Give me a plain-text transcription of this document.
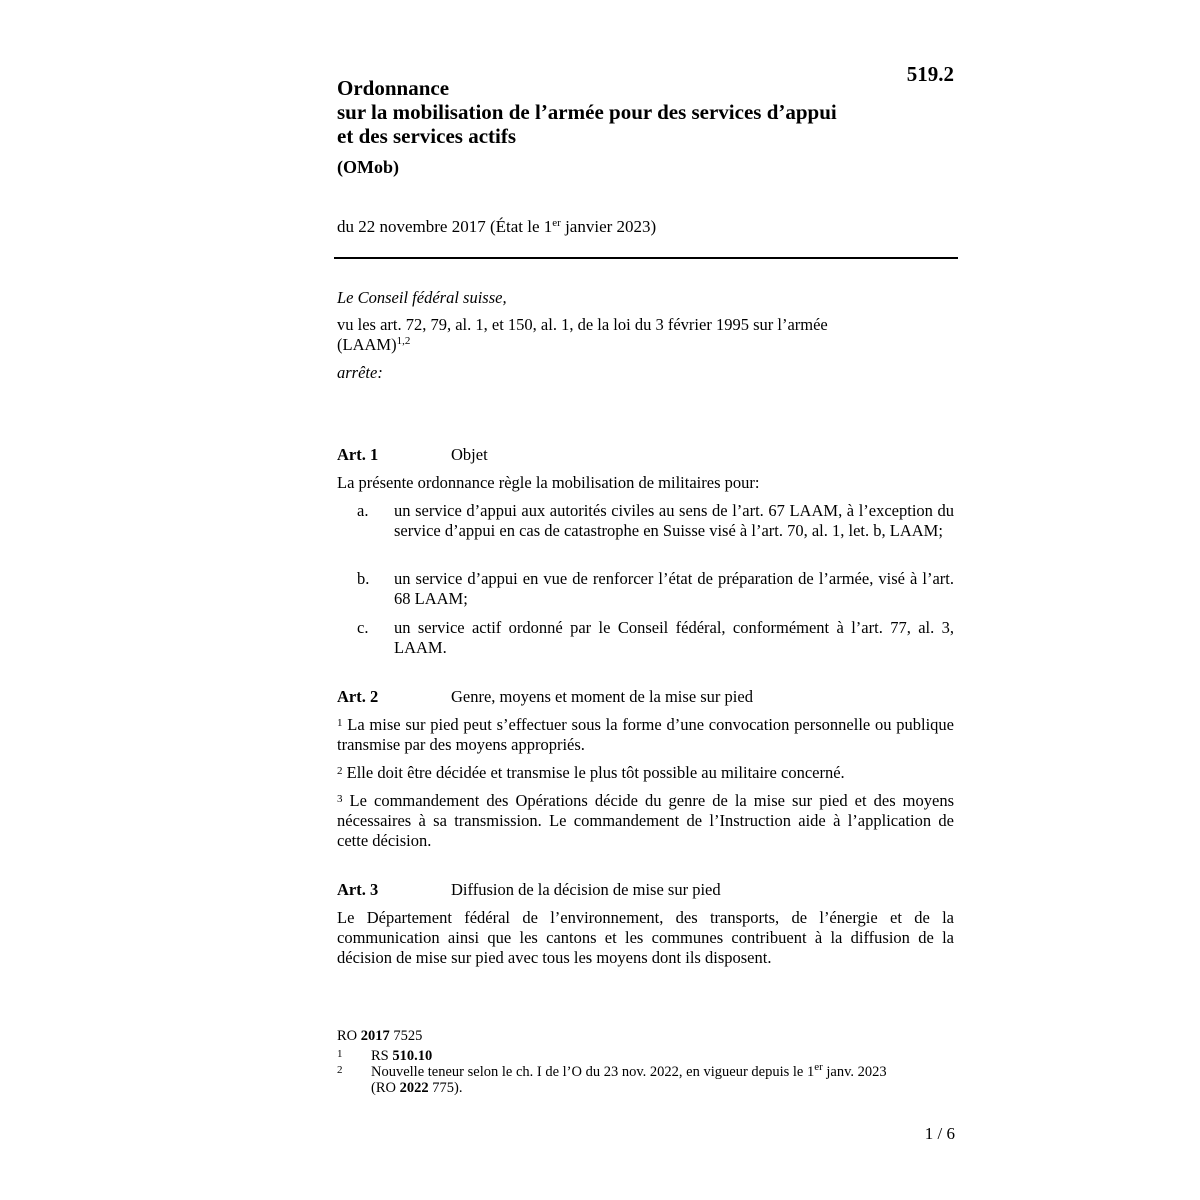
519.2
Ordonnance
sur la mobilisation de l’armée pour des services d’appui
et des services actifs
(OMob)
du 22 novembre 2017 (État le 1er janvier 2023)
Le Conseil fédéral suisse,
vu les art. 72, 79, al. 1, et 150, al. 1, de la loi du 3 février 1995 sur l’armée
(LAAM)$^{1,2}$
arrête:
Art. 1	Objet
La présente ordonnance règle la mobilisation de militaires pour:
a.	un service d’appui aux autorités civiles au sens de l’art. 67 LAAM, à l’exception du service d’appui en cas de catastrophe en Suisse visé à l’art. 70, al. 1, let. b, LAAM;
b.	un service d’appui en vue de renforcer l’état de préparation de l’armée, visé à l’art. 68 LAAM;
c.	un service actif ordonné par le Conseil fédéral, conformément à l’art. 77, al. 3, LAAM.
Art. 2	Genre, moyens et moment de la mise sur pied
$^1$ La mise sur pied peut s’effectuer sous la forme d’une convocation personnelle ou publique transmise par des moyens appropriés.
$^2$ Elle doit être décidée et transmise le plus tôt possible au militaire concerné.
$^3$ Le commandement des Opérations décide du genre de la mise sur pied et des moyens nécessaires à sa transmission. Le commandement de l’Instruction aide à l’application de cette décision.
Art. 3	Diffusion de la décision de mise sur pied
Le Département fédéral de l’environnement, des transports, de l’énergie et de la communication ainsi que les cantons et les communes contribuent à la diffusion de la décision de mise sur pied avec tous les moyens dont ils disposent.
RO 2017 7525
1 RS 510.10
2 Nouvelle teneur selon le ch. I de l’O du 23 nov. 2022, en vigueur depuis le 1er janv. 2023
(RO 2022 775).
1 / 6
